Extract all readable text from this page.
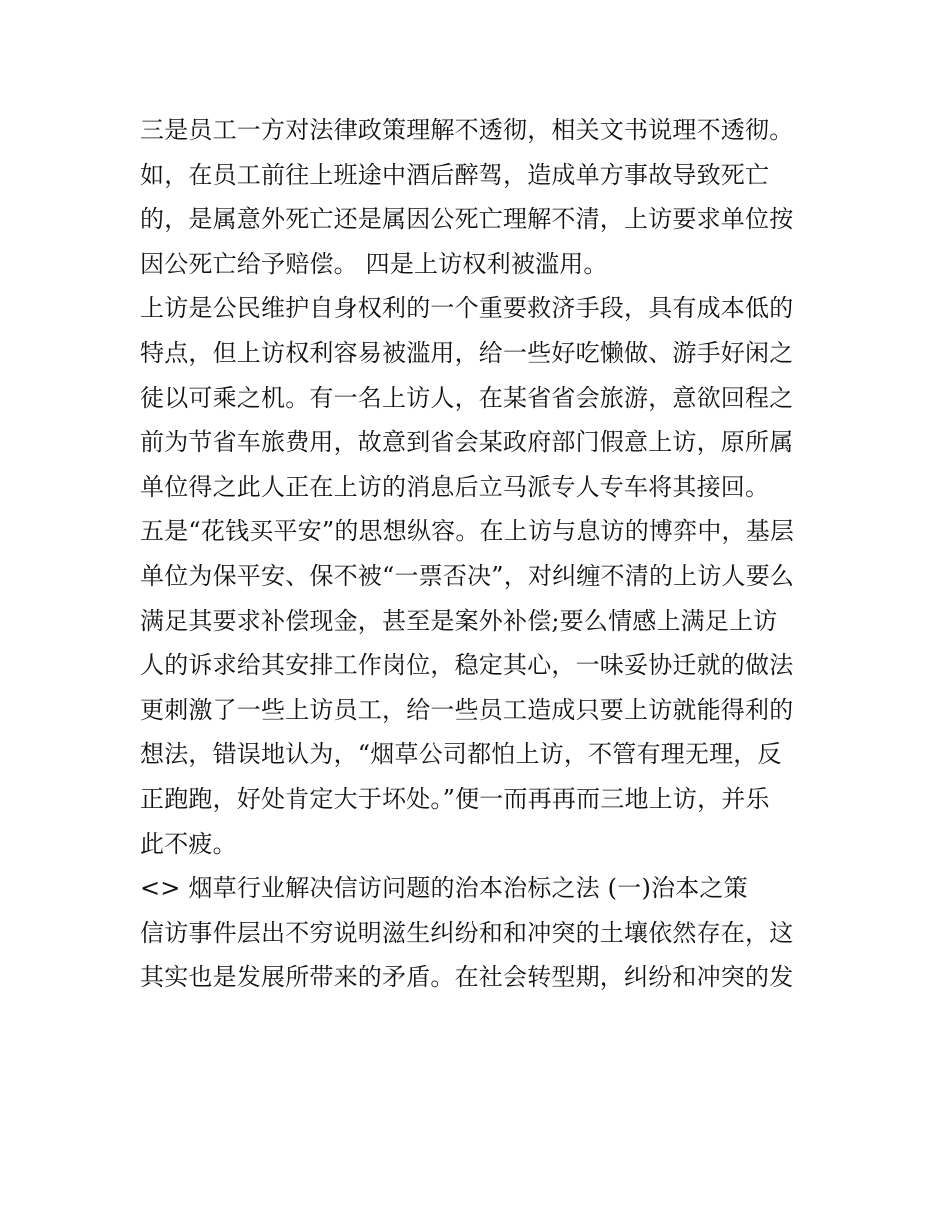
三是员工一方对法律政策理解不透彻，相关文书说理不透彻。
如，在员工前往上班途中酒后醉驾，造成单方事故导致死亡
的，是属意外死亡还是属因公死亡理解不清，上访要求单位按
因公死亡给予赔偿。 四是上访权利被滥用。
上访是公民维护自身权利的一个重要救济手段，具有成本低的
特点，但上访权利容易被滥用，给一些好吃懒做、游手好闲之
徒以可乘之机。有一名上访人，在某省省会旅游，意欲回程之
前为节省车旅费用，故意到省会某政府部门假意上访，原所属
单位得之此人正在上访的消息后立马派专人专车将其接回。
五是“花钱买平安”的思想纵容。在上访与息访的博弈中，基层
单位为保平安、保不被“一票否决”，对纠缠不清的上访人要么
满足其要求补偿现金，甚至是案外补偿;要么情感上满足上访
人的诉求给其安排工作岗位，稳定其心，一味妥协迁就的做法
更刺激了一些上访员工，给一些员工造成只要上访就能得利的
想法，错误地认为，“烟草公司都怕上访，不管有理无理，反
正跑跑，好处肯定大于坏处。”便一而再再而三地上访，并乐
此不疲。
<> 烟草行业解决信访问题的治本治标之法 (一)治本之策
信访事件层出不穷说明滋生纠纷和和冲突的土壤依然存在，这
其实也是发展所带来的矛盾。在社会转型期，纠纷和冲突的发
